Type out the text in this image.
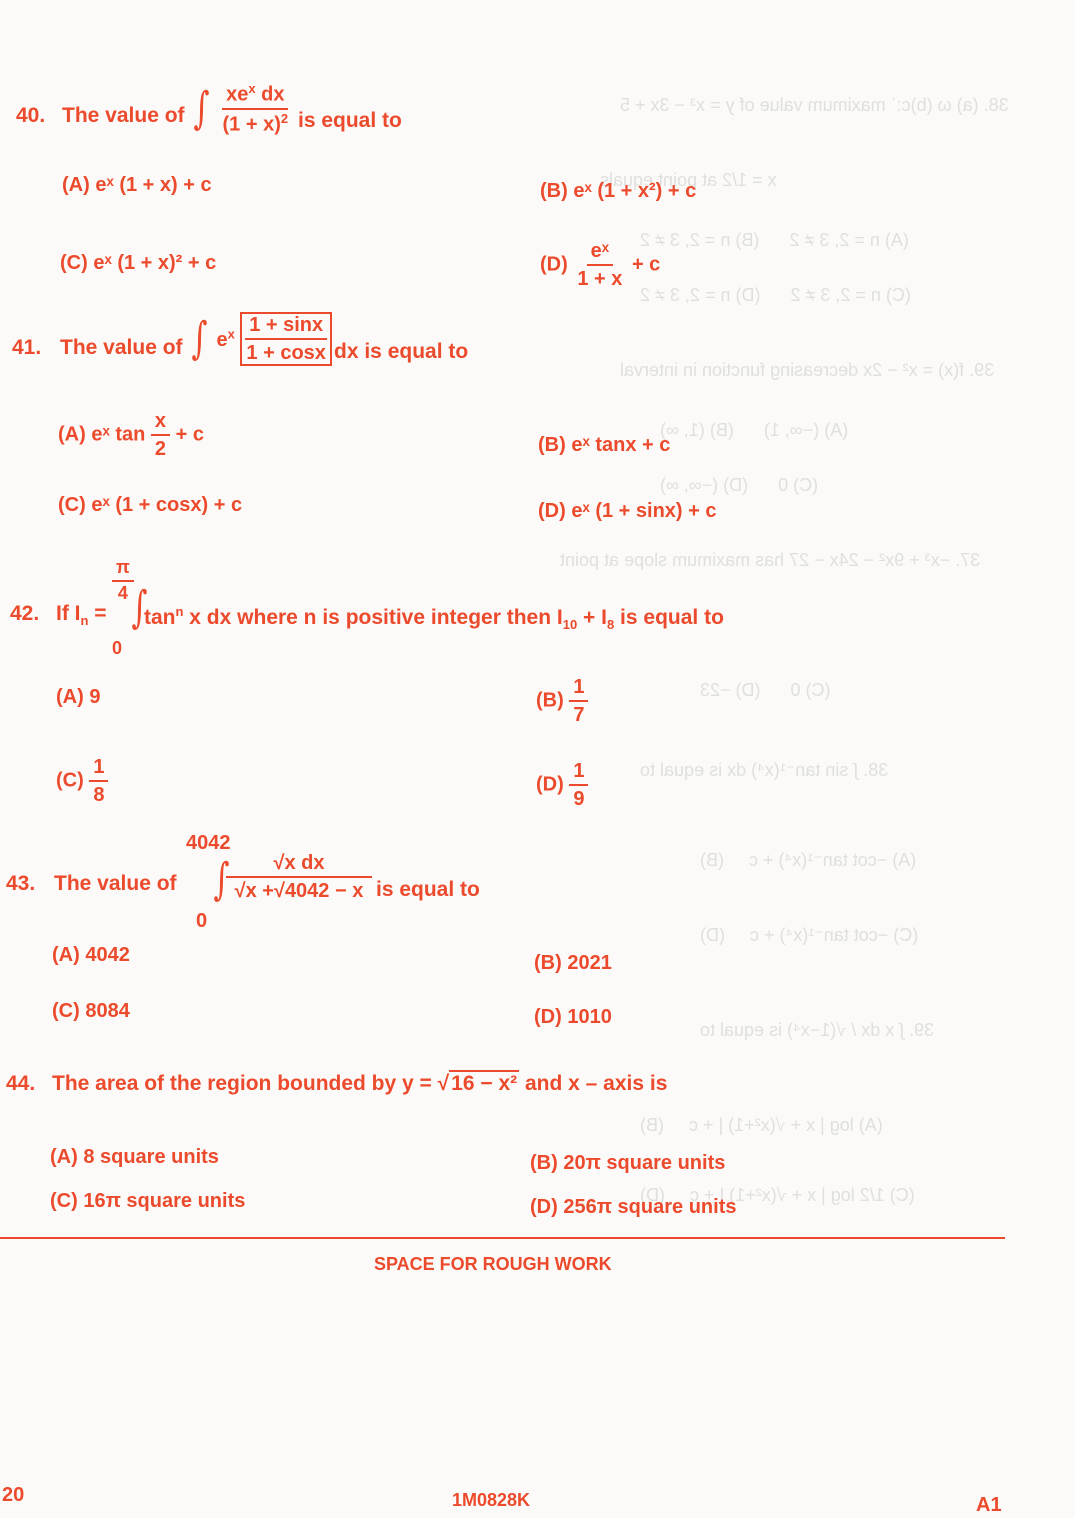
38. (a) ω (b)c:ˈ maximum value of y = x³ − 3x + 5
x = 1/2 at point equals
(A) n = 2, 3 ≠ 2      (B) n = 2, 3 ≠ 2
(C) n = 2, 3 ≠ 2      (D) n = 2, 3 ≠ 2
39. f(x) = x² − 2x decreasing function in interval
(A) (−∞, 1)      (B) (1, ∞)
(C) 0      (D) (−∞, ∞)
37. −x³ + 9x² − 24x − 27 has maximum slope at point
(C) 0      (D) −23
38. ∫ sin tan⁻¹(x⁴) dx is equal to
(A) −cot tan⁻¹(x⁴) + c     (B)
(C) −cot tan⁻¹(x⁴) + c     (D)
39. ∫ x dx / √(1−x⁴) is equal to
(A) log | x + √(x²+1) | + c     (B)
(C) 1/2 log | x + √(x²+1) | + c     (D)
40. The value of ∫ $\frac{xe^x dx}{(1 + x)^2}$ is equal to
(A) eˣ (1 + x) + c	(B) eˣ (1 + x²) + c
(C) eˣ (1 + x)² + c	$(D) \frac{\text{eˣ}}{1 + x} + c$
41. The value of ∫ $e^x \frac{1 + \sin x}{1 + \cos x}$ dx is equal to
(A) eˣ $\tan \frac{x}{2} + c$	(B) eˣ tanx + c
(C) eˣ (1 + cosx) + c	(D) eˣ (1 + sinx) + c
42. If $I_n$ =
$\frac{\pi}{4}$
0
∫
$\tan^n x$ dx where n is positive integer then $I_{10} + I_8$ is equal to
(A) 9	$(B) \frac{1}{7}$
$(C) \frac{1}{8}$	$(D) \frac{1}{9}$
43. The value of
4042
0
∫
$\frac{\text{√x dx}}{√x +√4042 - x}$ is equal to
(A) 4042	(B) 2021
(C) 8084	(D) 1010
44. The area of the region bounded by y = √16 − x² and x – axis is
(A) 8 square units	(B) 20π square units
(C) 16π square units	(D) 256π square units
SPACE FOR ROUGH WORK
20	1M0828K	A1
